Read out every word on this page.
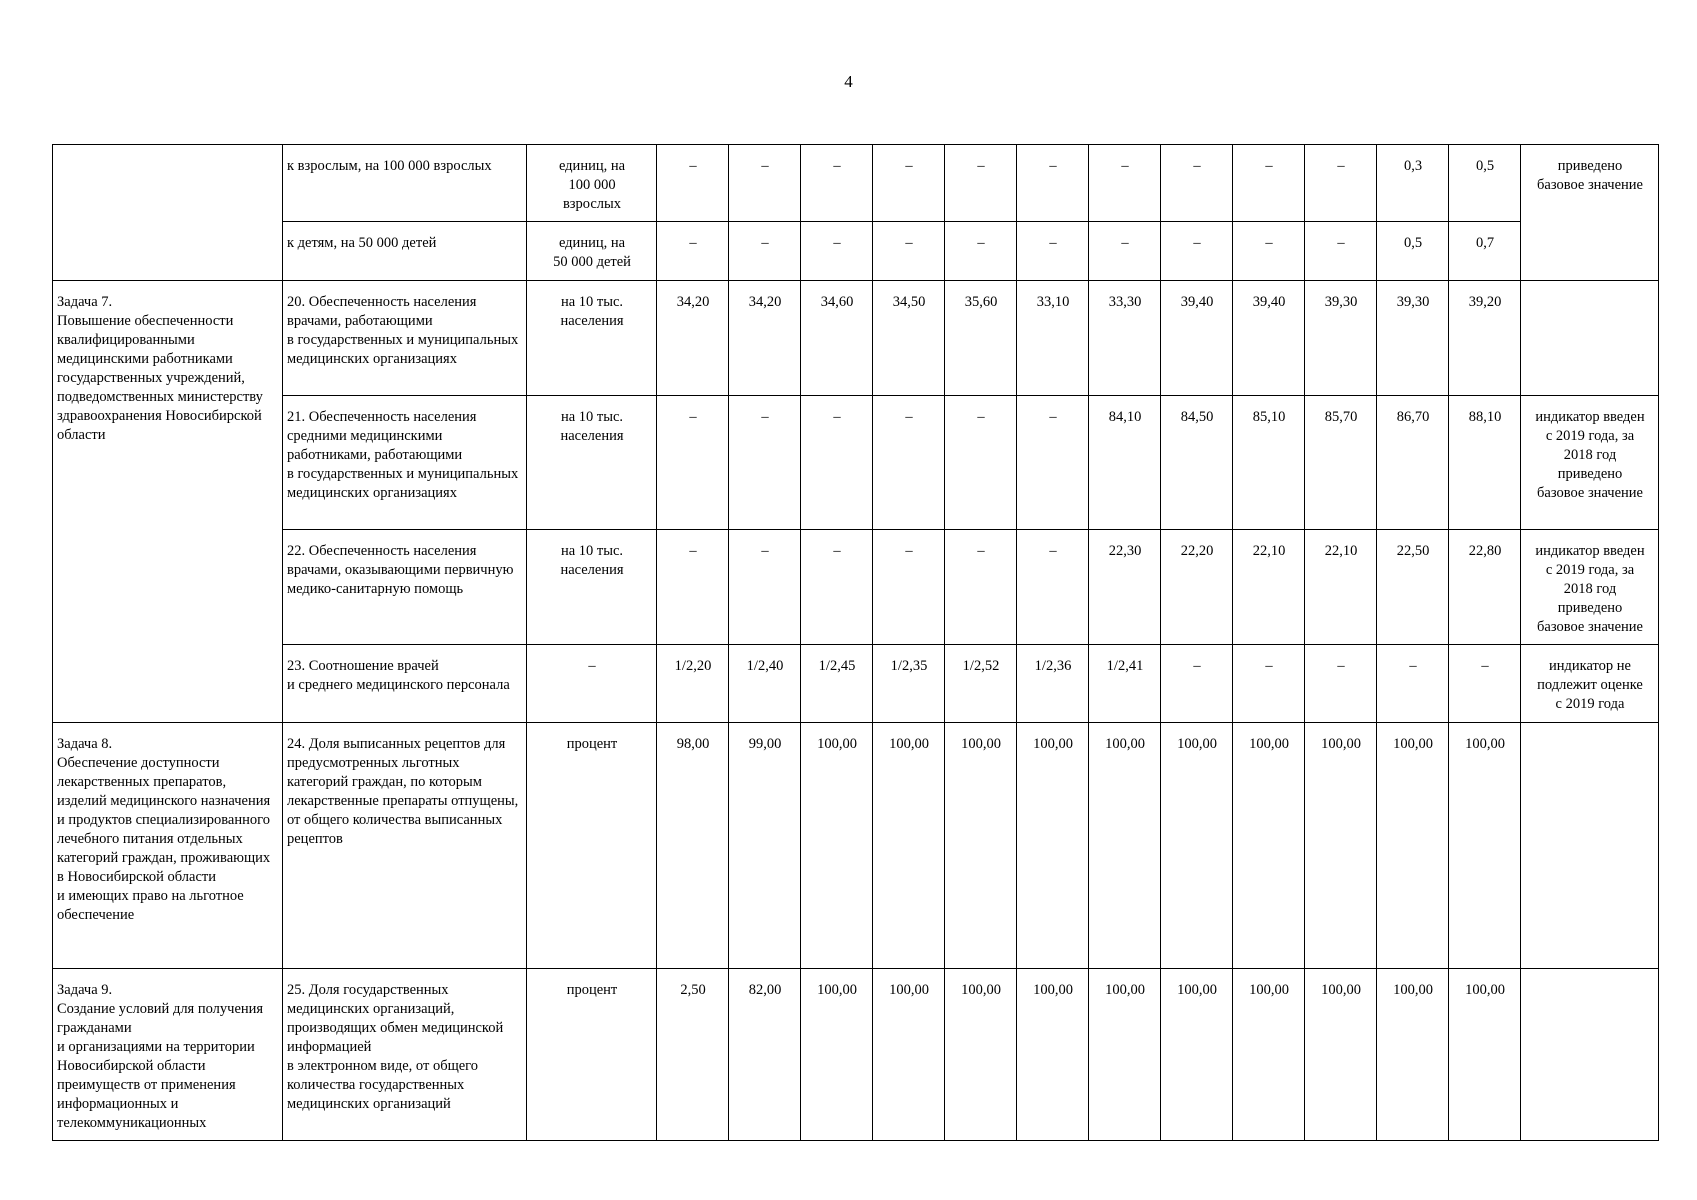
4
	к взрослым, на 100 000 взрослых	единиц, на
100 000
взрослых	–	–	–	–	–	–	–	–	–	–	0,3	0,5	приведено
базовое значение
	к детям, на 50 000 детей	единиц, на
50 000 детей	–	–	–	–	–	–	–	–	–	–	0,5	0,7	
Задача 7.
Повышение обеспеченности квалифицированными медицинскими работниками государственных учреждений, подведомственных министерству здравоохранения Новосибирской области	20. Обеспеченность населения врачами, работающими
в государственных и муниципальных медицинских организациях	на 10 тыс.
населения	34,20	34,20	34,60	34,50	35,60	33,10	33,30	39,40	39,40	39,30	39,30	39,20	
	21. Обеспеченность населения средними медицинскими работниками, работающими
в государственных и муниципальных медицинских организациях	на 10 тыс.
населения	–	–	–	–	–	–	84,10	84,50	85,10	85,70	86,70	88,10	индикатор введен
с 2019 года, за
2018 год
приведено
базовое значение
	22. Обеспеченность населения врачами, оказывающими первичную медико-санитарную помощь	на 10 тыс.
населения	–	–	–	–	–	–	22,30	22,20	22,10	22,10	22,50	22,80	индикатор введен
с 2019 года, за
2018 год
приведено
базовое значение
	23. Соотношение врачей
и среднего медицинского персонала	–	1/2,20	1/2,40	1/2,45	1/2,35	1/2,52	1/2,36	1/2,41	–	–	–	–	–	индикатор не
подлежит оценке
с 2019 года
Задача 8.
Обеспечение доступности лекарственных препаратов, изделий медицинского назначения и продуктов специализированного лечебного питания отдельных категорий граждан, проживающих в Новосибирской области
и имеющих право на льготное обеспечение	24. Доля выписанных рецептов для предусмотренных льготных категорий граждан, по которым лекарственные препараты отпущены, от общего количества выписанных рецептов	процент	98,00	99,00	100,00	100,00	100,00	100,00	100,00	100,00	100,00	100,00	100,00	100,00	
Задача 9.
Создание условий для получения гражданами
и организациями на территории Новосибирской области преимуществ от применения информационных и телекоммуникационных	25. Доля государственных медицинских организаций, производящих обмен медицинской информацией
в электронном виде, от общего количества государственных медицинских организаций	процент	2,50	82,00	100,00	100,00	100,00	100,00	100,00	100,00	100,00	100,00	100,00	100,00	
